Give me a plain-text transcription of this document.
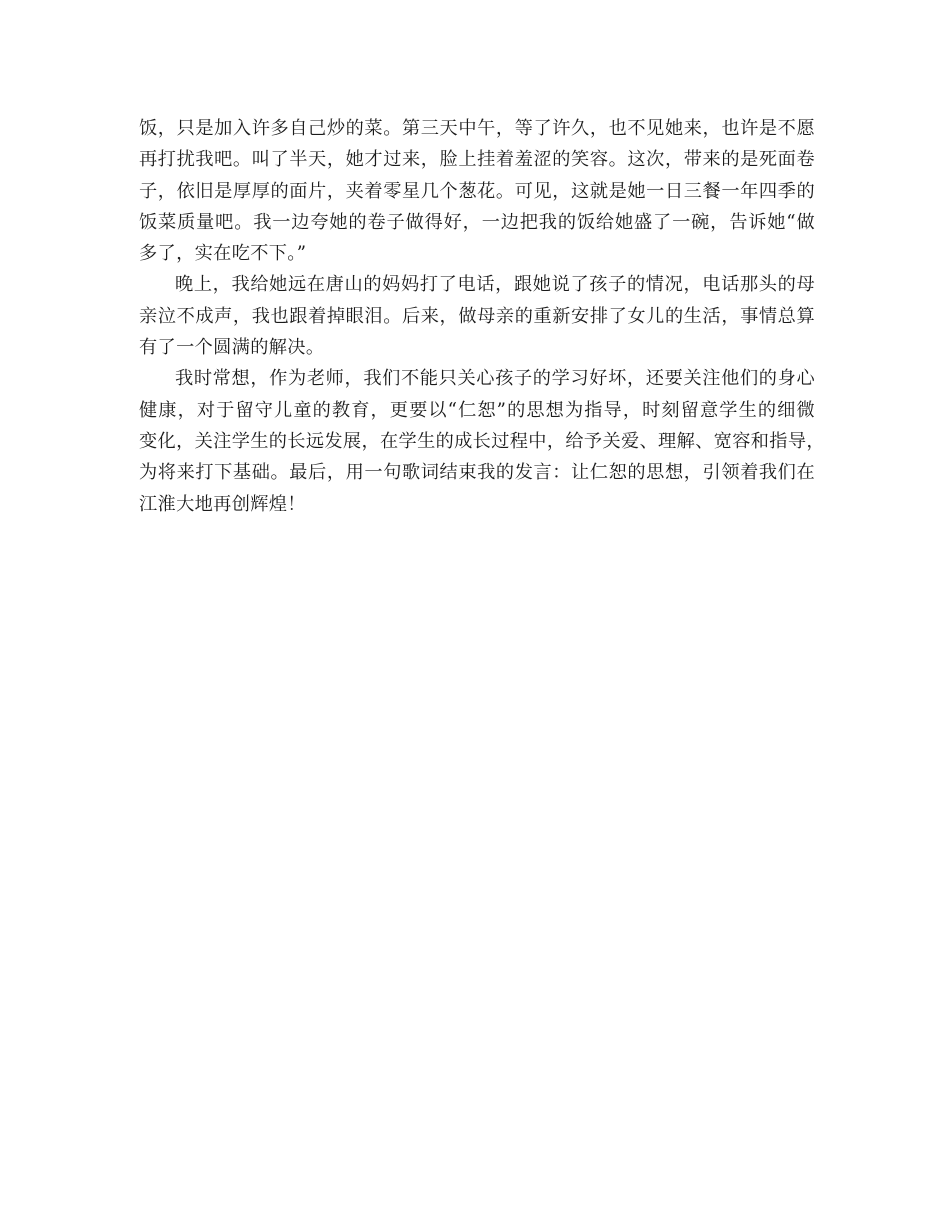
饭，只是加入许多自己炒的菜。第三天中午，等了许久，也不见她来，也许是不愿
再打扰我吧。叫了半天，她才过来，脸上挂着羞涩的笑容。这次，带来的是死面卷
子，依旧是厚厚的面片，夹着零星几个葱花。可见，这就是她一日三餐一年四季的
饭菜质量吧。我一边夸她的卷子做得好，一边把我的饭给她盛了一碗，告诉她“做
多了，实在吃不下。”
晚上，我给她远在唐山的妈妈打了电话，跟她说了孩子的情况，电话那头的母
亲泣不成声，我也跟着掉眼泪。后来，做母亲的重新安排了女儿的生活，事情总算
有了一个圆满的解决。
我时常想，作为老师，我们不能只关心孩子的学习好坏，还要关注他们的身心
健康，对于留守儿童的教育，更要以“仁恕”的思想为指导，时刻留意学生的细微
变化，关注学生的长远发展，在学生的成长过程中，给予关爱、理解、宽容和指导，
为将来打下基础。最后，用一句歌词结束我的发言：让仁恕的思想，引领着我们在
江淮大地再创辉煌！
